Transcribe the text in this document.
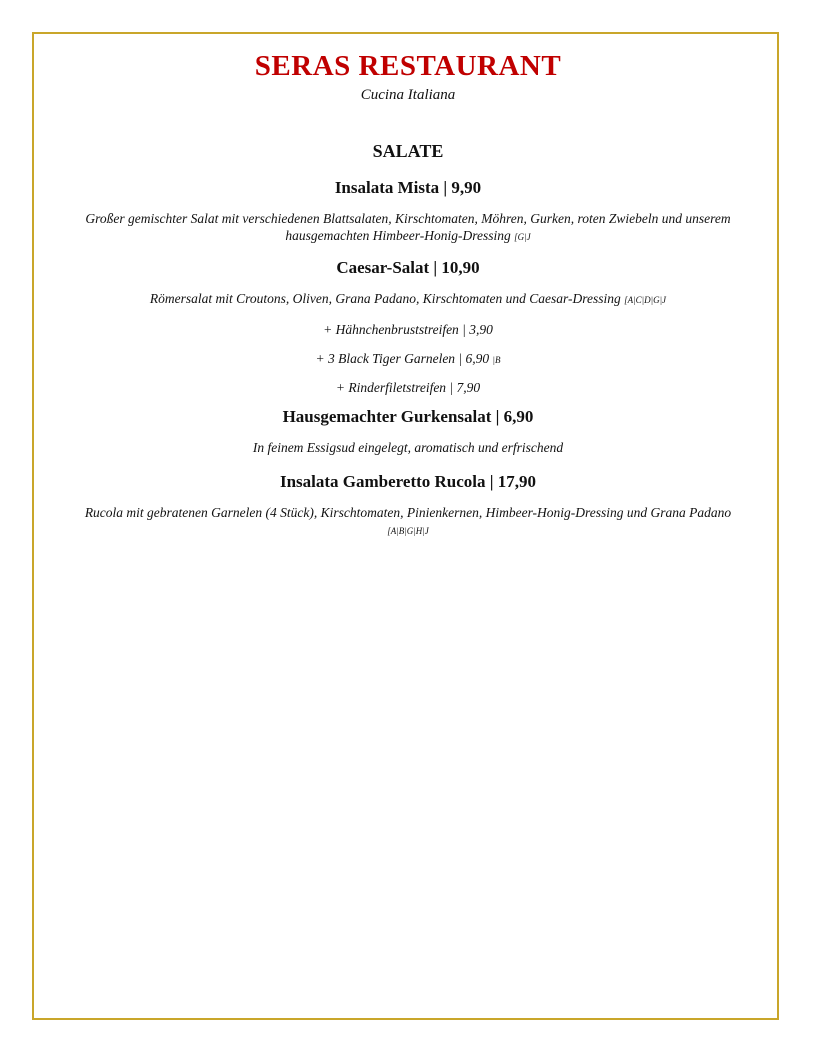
SERAS RESTAURANT
Cucina Italiana
SALATE
Insalata Mista | 9,90
Großer gemischter Salat mit verschiedenen Blattsalaten, Kirschtomaten, Möhren, Gurken, roten Zwiebeln und unserem hausgemachten Himbeer-Honig-Dressing [G|J
Caesar-Salat | 10,90
Römersalat mit Croutons, Oliven, Grana Padano, Kirschtomaten und Caesar-Dressing [A|C|D|G|J
+ Hähnchenbruststreifen | 3,90
+ 3 Black Tiger Garnelen | 6,90 |B
+ Rinderfiletstreifen | 7,90
Hausgemachter Gurkensalat | 6,90
In feinem Essigsud eingelegt, aromatisch und erfrischend
Insalata Gamberetto Rucola | 17,90
Rucola mit gebratenen Garnelen (4 Stück), Kirschtomaten, Pinienkernen, Himbeer-Honig-Dressing und Grana Padano [A|B|G|H|J
